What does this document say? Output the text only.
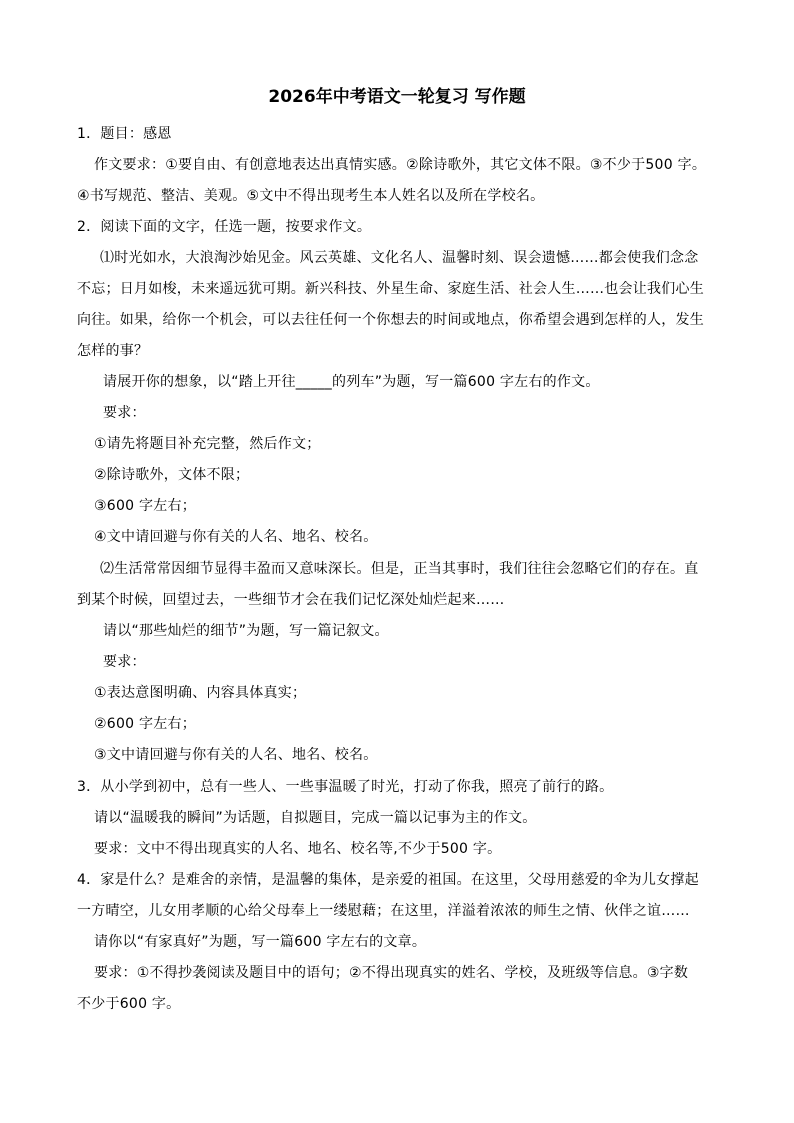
2026年中考语文一轮复习 写作题
1．题目：感恩
作文要求：①要自由、有创意地表达出真情实感。②除诗歌外，其它文体不限。③不少于500 字。
④书写规范、整洁、美观。⑤文中不得出现考生本人姓名以及所在学校名。
2．阅读下面的文字，任选一题，按要求作文。
⑴时光如水，大浪淘沙始见金。风云英雄、文化名人、温馨时刻、误会遗憾……都会使我们念念
不忘；日月如梭，未来遥远犹可期。新兴科技、外星生命、家庭生活、社会人生……也会让我们心生
向往。如果，给你一个机会，可以去往任何一个你想去的时间或地点，你希望会遇到怎样的人，发生
怎样的事？
请展开你的想象，以“踏上开往_____的列车”为题，写一篇600 字左右的作文。
要求：
①请先将题目补充完整，然后作文；
②除诗歌外，文体不限；
③600 字左右；
④文中请回避与你有关的人名、地名、校名。
⑵生活常常因细节显得丰盈而又意味深长。但是，正当其事时，我们往往会忽略它们的存在。直
到某个时候，回望过去，一些细节才会在我们记忆深处灿烂起来……
请以“那些灿烂的细节”为题，写一篇记叙文。
要求：
①表达意图明确、内容具体真实；
②600 字左右；
③文中请回避与你有关的人名、地名、校名。
3．从小学到初中，总有一些人、一些事温暖了时光，打动了你我，照亮了前行的路。
请以“温暖我的瞬间”为话题，自拟题目，完成一篇以记事为主的作文。
要求：文中不得出现真实的人名、地名、校名等,不少于500 字。
4．家是什么？是难舍的亲情，是温馨的集体，是亲爱的祖国。在这里，父母用慈爱的伞为儿女撑起
一方晴空，儿女用孝顺的心给父母奉上一缕慰藉；在这里，洋溢着浓浓的师生之情、伙伴之谊……
请你以“有家真好”为题，写一篇600 字左右的文章。
要求：①不得抄袭阅读及题目中的语句；②不得出现真实的姓名、学校，及班级等信息。③字数
不少于600 字。
